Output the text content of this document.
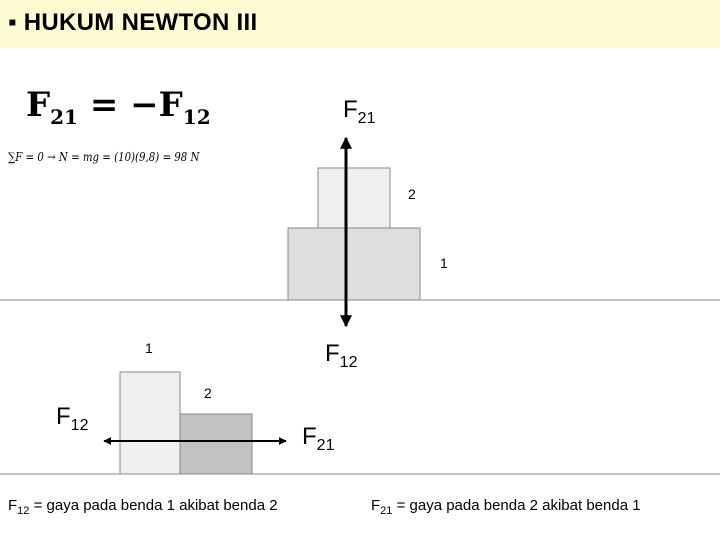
▪ HUKUM NEWTON III
$F_{21} = -F_{12}$
∑F = 0 → N = mg = (10)(9,8) = 98 N
$F_{21}$
2
1
$F_{12}$
1
2
$F_{12}$	$F_{21}$
$F_{12}$ = gaya pada benda 1 akibat benda 2	$F_{21}$ = gaya pada benda 2 akibat benda 1
